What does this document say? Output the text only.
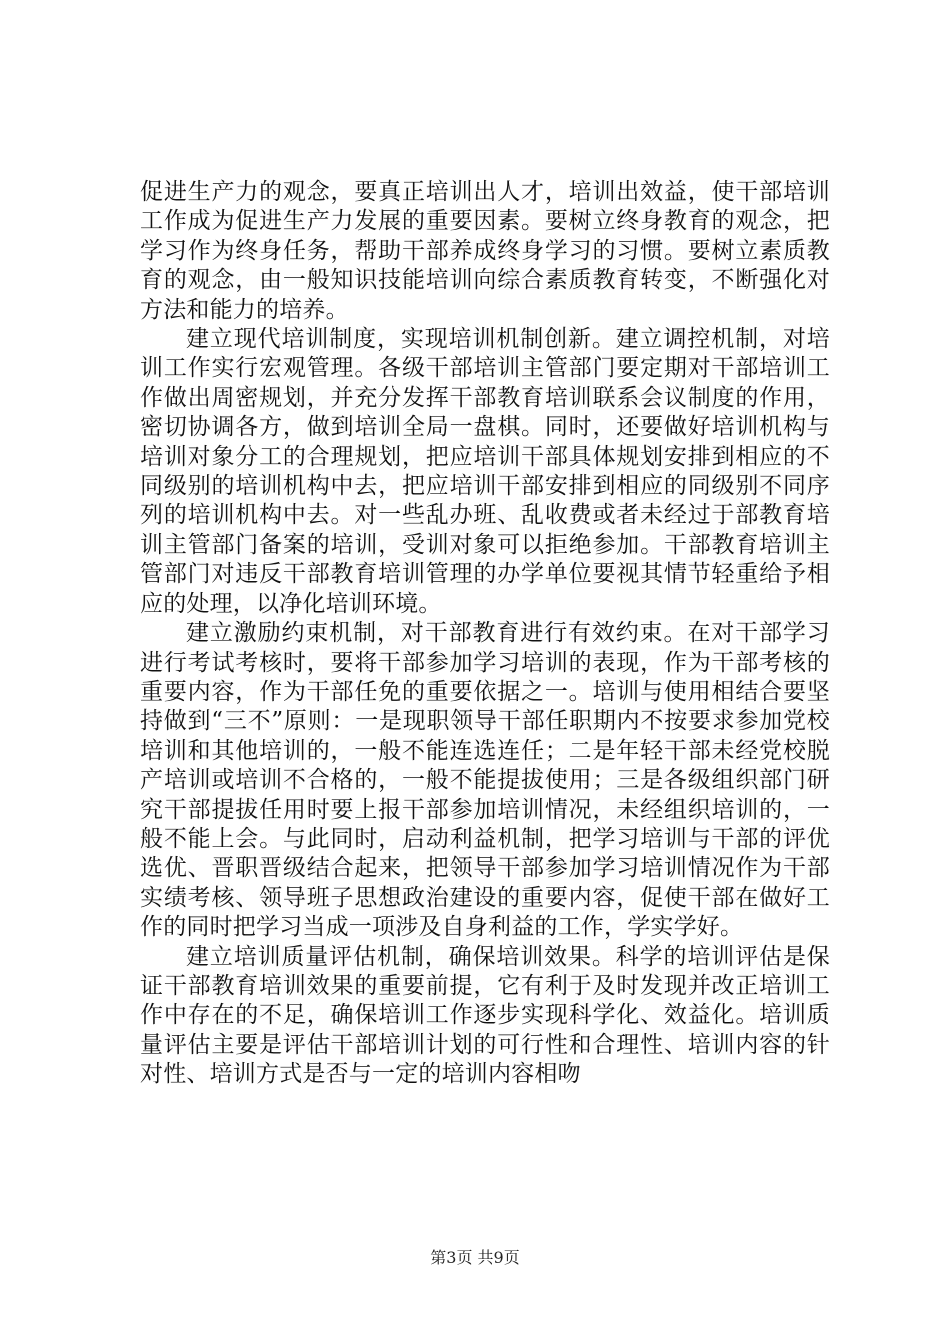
促进生产力的观念，要真正培训出人才，培训出效益，使干部培训工作成为促进生产力发展的重要因素。要树立终身教育的观念，把学习作为终身任务，帮助干部养成终身学习的习惯。要树立素质教育的观念，由一般知识技能培训向综合素质教育转变，不断强化对方法和能力的培养。

建立现代培训制度，实现培训机制创新。建立调控机制，对培训工作实行宏观管理。各级干部培训主管部门要定期对干部培训工作做出周密规划，并充分发挥干部教育培训联系会议制度的作用，密切协调各方，做到培训全局一盘棋。同时，还要做好培训机构与培训对象分工的合理规划，把应培训干部具体规划安排到相应的不同级别的培训机构中去，把应培训干部安排到相应的同级别不同序列的培训机构中去。对一些乱办班、乱收费或者未经过于部教育培训主管部门备案的培训，受训对象可以拒绝参加。干部教育培训主管部门对违反干部教育培训管理的办学单位要视其情节轻重给予相应的处理，以净化培训环境。

建立激励约束机制，对干部教育进行有效约束。在对干部学习进行考试考核时，要将干部参加学习培训的表现，作为干部考核的重要内容，作为干部任免的重要依据之一。培训与使用相结合要坚持做到“三不”原则：一是现职领导干部任职期内不按要求参加党校培训和其他培训的，一般不能连选连任；二是年轻干部未经党校脱产培训或培训不合格的，一般不能提拔使用；三是各级组织部门研究干部提拔任用时要上报干部参加培训情况，未经组织培训的，一般不能上会。与此同时，启动利益机制，把学习培训与干部的评优选优、晋职晋级结合起来，把领导干部参加学习培训情况作为干部实绩考核、领导班子思想政治建设的重要内容，促使干部在做好工作的同时把学习当成一项涉及自身利益的工作，学实学好。

建立培训质量评估机制，确保培训效果。科学的培训评估是保证干部教育培训效果的重要前提，它有利于及时发现并改正培训工作中存在的不足，确保培训工作逐步实现科学化、效益化。培训质量评估主要是评估干部培训计划的可行性和合理性、培训内容的针对性、培训方式是否与一定的培训内容相吻

第3页 共9页
